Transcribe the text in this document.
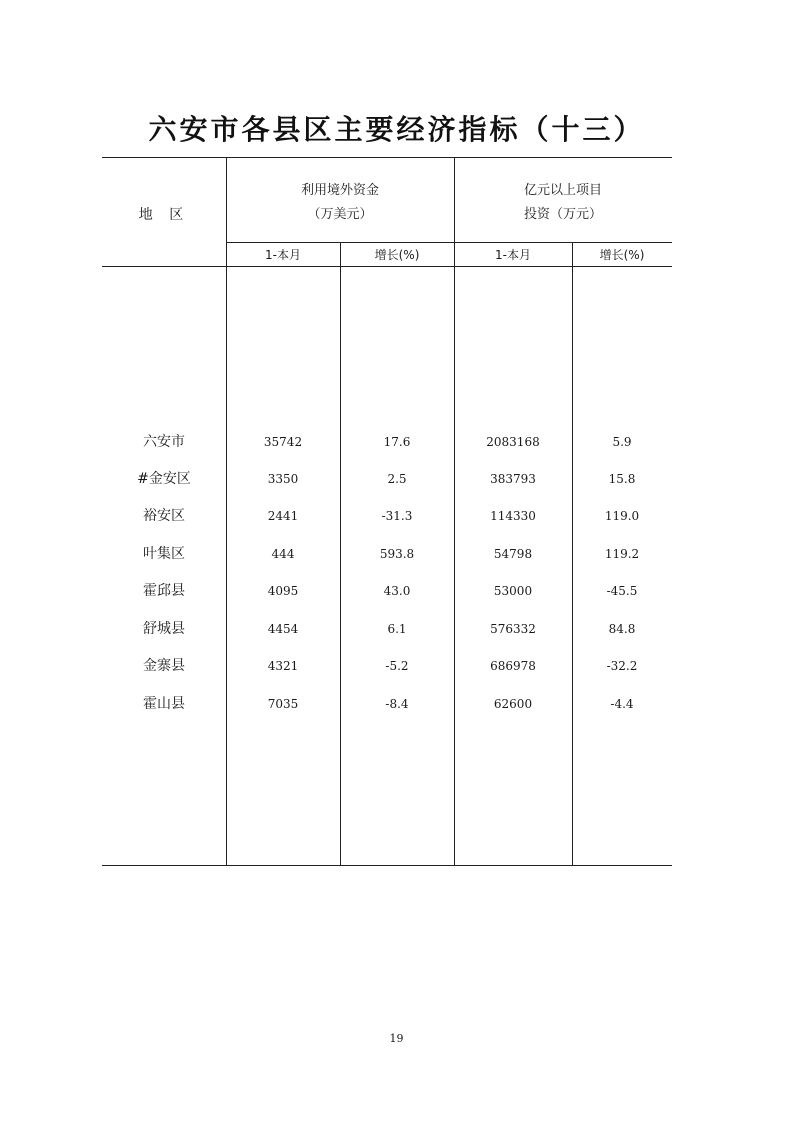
六安市各县区主要经济指标（十三）
地 区
利用境外资金
（万美元）
亿元以上项目
投资（万元）
1-本月	增长(%)	1-本月	增长(%)
六安市	35742	17.6	2083168	5.9
#金安区	3350	2.5	383793	15.8
裕安区	2441	-31.3	114330	119.0
叶集区	444	593.8	54798	119.2
霍邱县	4095	43.0	53000	-45.5
舒城县	4454	6.1	576332	84.8
金寨县	4321	-5.2	686978	-32.2
霍山县	7035	-8.4	62600	-4.4
19
